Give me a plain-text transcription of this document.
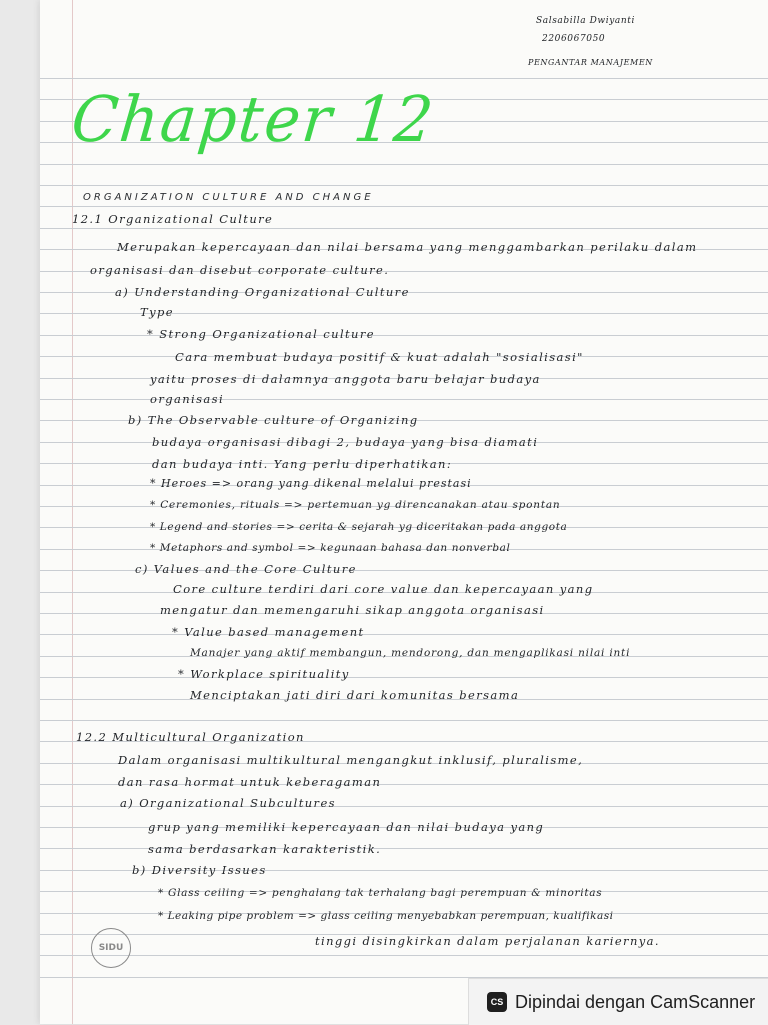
Salsabilla Dwiyanti
2206067050
PENGANTAR MANAJEMEN
Chapter 12
ORGANIZATION CULTURE AND CHANGE
12.1 Organizational Culture
Merupakan kepercayaan dan nilai bersama yang menggambarkan perilaku dalam
organisasi dan disebut corporate culture.
a) Understanding Organizational Culture
Type
* Strong Organizational culture
Cara membuat budaya positif & kuat adalah "sosialisasi"
yaitu proses di dalamnya anggota baru belajar budaya
organisasi
b) The Observable culture of Organizing
budaya organisasi dibagi 2, budaya yang bisa diamati
dan budaya inti. Yang perlu diperhatikan:
* Heroes => orang yang dikenal melalui prestasi
* Ceremonies, rituals => pertemuan yg direncanakan atau spontan
* Legend and stories => cerita & sejarah yg diceritakan pada anggota
* Metaphors and symbol => kegunaan bahasa dan nonverbal
c) Values and the Core Culture
Core culture terdiri dari core value dan kepercayaan yang
mengatur dan memengaruhi sikap anggota organisasi
* Value based management
Manajer yang aktif membangun, mendorong, dan mengaplikasi nilai inti
* Workplace spirituality
Menciptakan jati diri dari komunitas bersama
12.2 Multicultural Organization
Dalam organisasi multikultural mengangkut inklusif, pluralisme,
dan rasa hormat untuk keberagaman
a) Organizational Subcultures
grup yang memiliki kepercayaan dan nilai budaya yang
sama berdasarkan karakteristik.
b) Diversity Issues
* Glass ceiling => penghalang tak terhalang bagi perempuan & minoritas
* Leaking pipe problem => glass ceiling menyebabkan perempuan, kualifikasi
tinggi disingkirkan dalam perjalanan kariernya.
SIDU
CS Dipindai dengan CamScanner
